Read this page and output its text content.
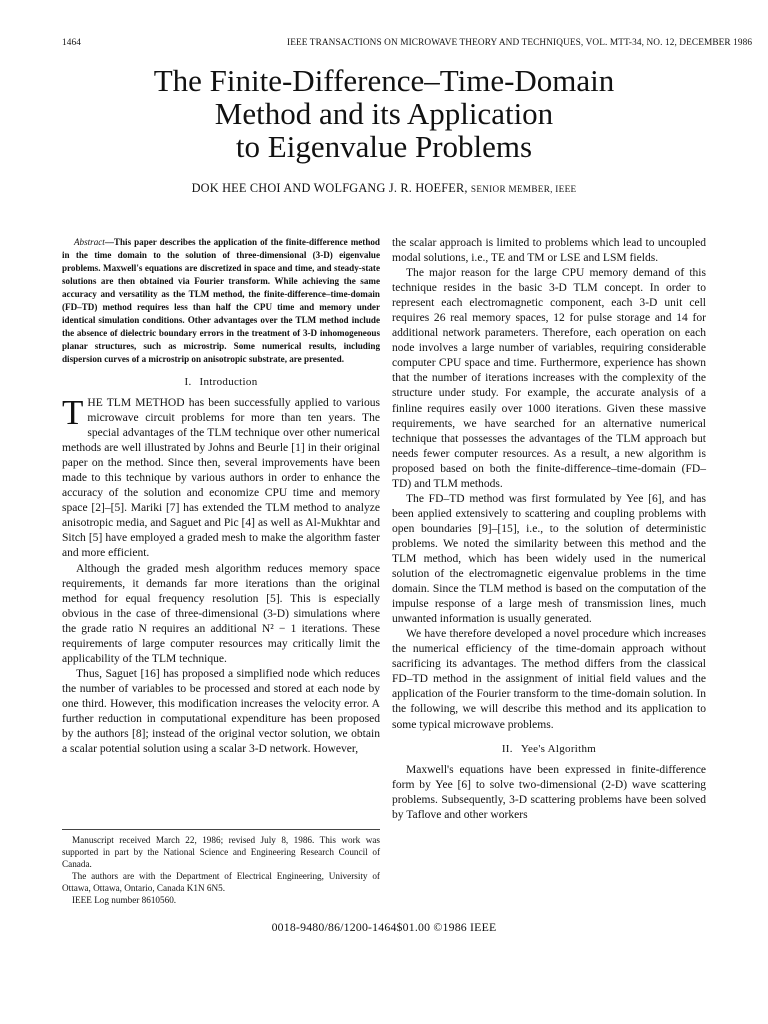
1464	IEEE TRANSACTIONS ON MICROWAVE THEORY AND TECHNIQUES, VOL. MTT-34, NO. 12, DECEMBER 1986
The Finite-Difference–Time-Domain
Method and its Application
to Eigenvalue Problems
DOK HEE CHOI AND WOLFGANG J. R. HOEFER, SENIOR MEMBER, IEEE

Abstract—This paper describes the application of the finite-difference method in the time domain to the solution of three-dimensional (3-D) eigenvalue problems. Maxwell's equations are discretized in space and time, and steady-state solutions are then obtained via Fourier transform. While achieving the same accuracy and versatility as the TLM method, the finite-difference–time-domain (FD–TD) method requires less than half the CPU time and memory under identical simulation conditions. Other advantages over the TLM method include the absence of dielectric boundary errors in the treatment of 3-D inhomogeneous planar structures, such as microstrip. Some numerical results, including dispersion curves of a microstrip on anisotropic substrate, are presented.

I. Introduction

THE TLM METHOD has been successfully applied to various microwave circuit problems for more than ten years. The special advantages of the TLM technique over other numerical methods are well illustrated by Johns and Beurle [1] in their original paper on the method. Since then, several improvements have been made to this technique by various authors in order to enhance the accuracy of the solution and economize CPU time and memory space [2]–[5]. Mariki [7] has extended the TLM method to analyze anisotropic media, and Saguet and Pic [4] as well as Al-Mukhtar and Sitch [5] have employed a graded mesh to make the algorithm faster and more efficient.

Although the graded mesh algorithm reduces memory space requirements, it demands far more iterations than the original method for equal frequency resolution [5]. This is especially obvious in the case of three-dimensional (3-D) simulations where the grade ratio N requires an additional N² − 1 iterations. These requirements of large computer resources may critically limit the applicability of the TLM technique.

Thus, Saguet [16] has proposed a simplified node which reduces the number of variables to be processed and stored at each node by one third. However, this modification increases the velocity error. A further reduction in computational expenditure has been proposed by the authors [8]; instead of the original vector solution, we obtain a scalar potential solution using a scalar 3-D network. However,

Manuscript received March 22, 1986; revised July 8, 1986. This work was supported in part by the National Science and Engineering Research Council of Canada.

The authors are with the Department of Electrical Engineering, University of Ottawa, Ottawa, Ontario, Canada K1N 6N5.

IEEE Log number 8610560.

the scalar approach is limited to problems which lead to uncoupled modal solutions, i.e., TE and TM or LSE and LSM fields.

The major reason for the large CPU memory demand of this technique resides in the basic 3-D TLM concept. In order to represent each electromagnetic component, each 3-D unit cell requires 26 real memory spaces, 12 for pulse storage and 14 for additional network parameters. Therefore, each operation on each node involves a large number of variables, requiring considerable computer CPU space and time. Furthermore, experience has shown that the number of iterations increases with the complexity of the structure under study. For example, the accurate analysis of a finline requires easily over 1000 iterations. Given these massive requirements, we have searched for an alternative numerical technique that possesses the advantages of the TLM approach but needs fewer computer resources. As a result, a new algorithm is proposed based on both the finite-difference–time-domain (FD–TD) and TLM methods.

The FD–TD method was first formulated by Yee [6], and has been applied extensively to scattering and coupling problems with open boundaries [9]–[15], i.e., to the solution of deterministic problems. We noted the similarity between this method and the TLM method, which has been widely used in the numerical solution of the electromagnetic eigenvalue problems in the time domain. Since the TLM method is based on the computation of the impulse response of a large mesh of transmission lines, much unwanted information is usually generated.

We have therefore developed a novel procedure which increases the numerical efficiency of the time-domain approach without sacrificing its advantages. The method differs from the classical FD–TD method in the assignment of initial field values and the application of the Fourier transform to the time-domain solution. In the following, we will describe this method and its application to some typical microwave problems.

II. Yee's Algorithm

Maxwell's equations have been expressed in finite-difference form by Yee [6] to solve two-dimensional (2-D) wave scattering problems. Subsequently, 3-D scattering problems have been solved by Taflove and other workers

0018-9480/86/1200-1464$01.00 ©1986 IEEE
